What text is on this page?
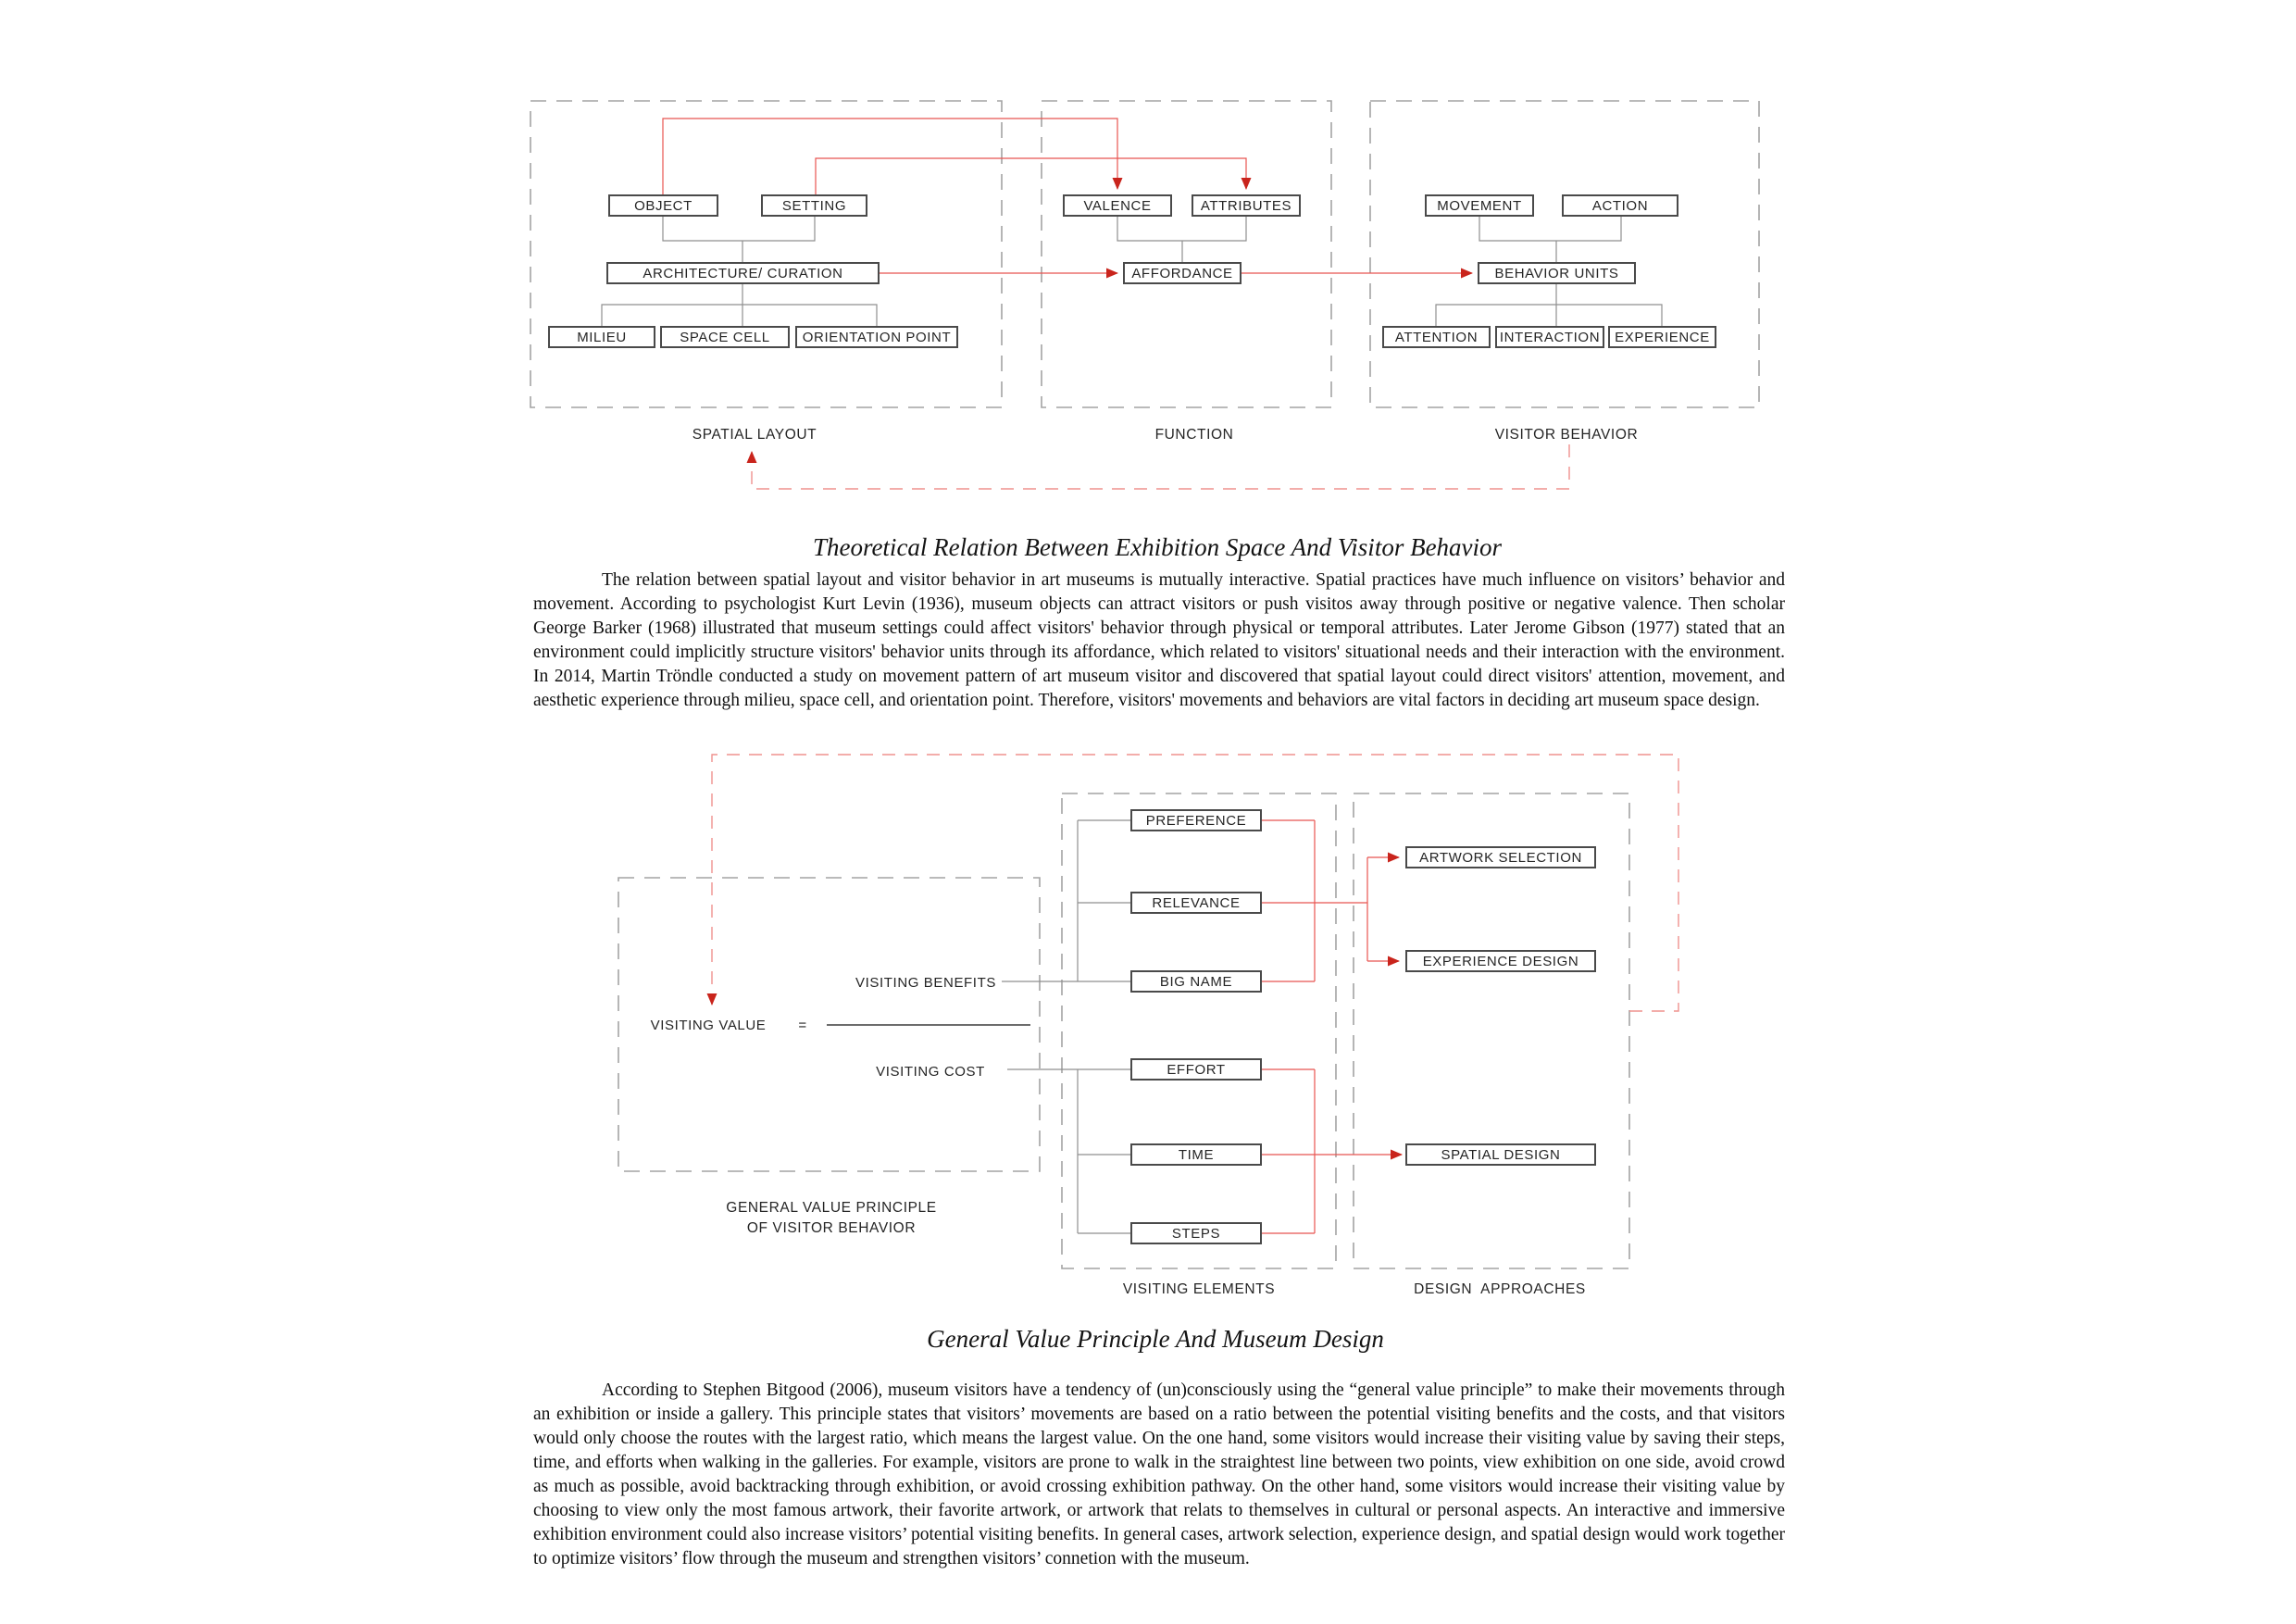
OBJECT	SETTING
ARCHITECTURE/ CURATION
MILIEU	SPACE CELL	ORIENTATION POINT
VALENCE	ATTRIBUTES
AFFORDANCE
MOVEMENT	ACTION
BEHAVIOR UNITS
ATTENTION	INTERACTION	EXPERIENCE
SPATIAL LAYOUT	FUNCTION	VISITOR BEHAVIOR
Theoretical Relation Between Exhibition Space And Visitor Behavior
The relation between spatial layout and visitor behavior in art museums is mutually interactive. Spatial practices have much influence on visitors’ behavior and movement. According to psychologist Kurt Levin (1936), museum objects can attract visitors or push visitos away through positive or negative valence. Then scholar George Barker (1968) illustrated that museum settings could affect visitors' behavior through physical or temporal attributes. Later Jerome Gibson (1977) stated that an environment could implicitly structure visitors' behavior units through its affordance, which related to visitors' situational needs and their interaction with the environment. In 2014, Martin Tröndle conducted a study on movement pattern of art museum visitor and discovered that spatial layout could direct visitors' attention, movement, and aesthetic experience through milieu, space cell, and orientation point. Therefore, visitors' movements and behaviors are vital factors in deciding art museum space design.
VISITING VALUE =
VISITING BENEFITS
VISITING COST
PREFERENCE
RELEVANCE
BIG NAME
EFFORT
TIME
STEPS
ARTWORK SELECTION
EXPERIENCE DESIGN
SPATIAL DESIGN
GENERAL VALUE PRINCIPLE
OF VISITOR BEHAVIOR
VISITING ELEMENTS	DESIGN  APPROACHES
General Value Principle And Museum Design
According to Stephen Bitgood (2006), museum visitors have a tendency of (un)consciously using the “general value principle” to make their movements through an exhibition or inside a gallery. This principle states that visitors’ movements are based on a ratio between the potential visiting benefits and the costs, and that visitors would only choose the routes with the largest ratio, which means the largest value. On the one hand, some visitors would increase their visiting value by saving their steps, time, and efforts when walking in the galleries. For example, visitors are prone to walk in the straightest line between two points, view exhibition on one side, avoid crowd as much as possible, avoid backtracking through exhibition, or avoid crossing exhibition pathway. On the other hand, some visitors would increase their visiting value by choosing to view only the most famous artwork, their favorite artwork, or artwork that relats to themselves in cultural or personal aspects. An interactive and immersive exhibition environment could also increase visitors’ potential visiting benefits. In general cases, artwork selection, experience design, and spatial design would work together to optimize visitors’ flow through the museum and strengthen visitors’ connetion with the museum.
